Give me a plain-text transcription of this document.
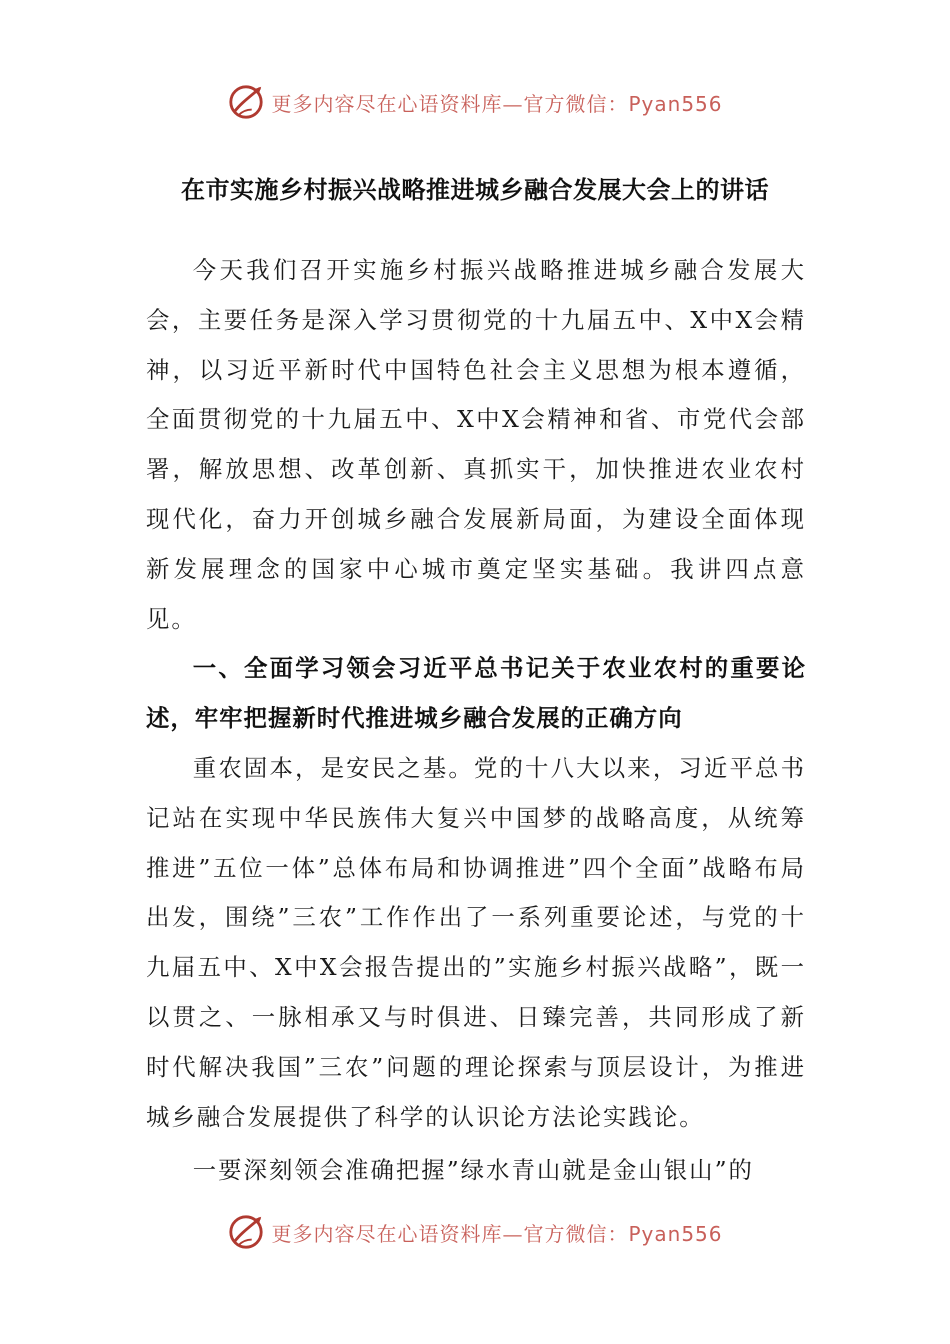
更多内容尽在心语资料库—官方微信：Pyan556
在市实施乡村振兴战略推进城乡融合发展大会上的讲话

今天我们召开实施乡村振兴战略推进城乡融合发展大会，主要任务是深入学习贯彻党的十九届五中、X中X会精神，以习近平新时代中国特色社会主义思想为根本遵循，全面贯彻党的十九届五中、X中X会精神和省、市党代会部署，解放思想、改革创新、真抓实干，加快推进农业农村现代化，奋力开创城乡融合发展新局面，为建设全面体现新发展理念的国家中心城市奠定坚实基础。我讲四点意见。

一、全面学习领会习近平总书记关于农业农村的重要论述，牢牢把握新时代推进城乡融合发展的正确方向

重农固本，是安民之基。党的十八大以来，习近平总书记站在实现中华民族伟大复兴中国梦的战略高度，从统筹推进”五位一体”总体布局和协调推进”四个全面”战略布局出发，围绕”三农”工作作出了一系列重要论述，与党的十九届五中、X中X会报告提出的”实施乡村振兴战略”，既一以贯之、一脉相承又与时俱进、日臻完善，共同形成了新时代解决我国”三农”问题的理论探索与顶层设计，为推进城乡融合发展提供了科学的认识论方法论实践论。

一要深刻领会准确把握”绿水青山就是金山银山”的

更多内容尽在心语资料库—官方微信：Pyan556
